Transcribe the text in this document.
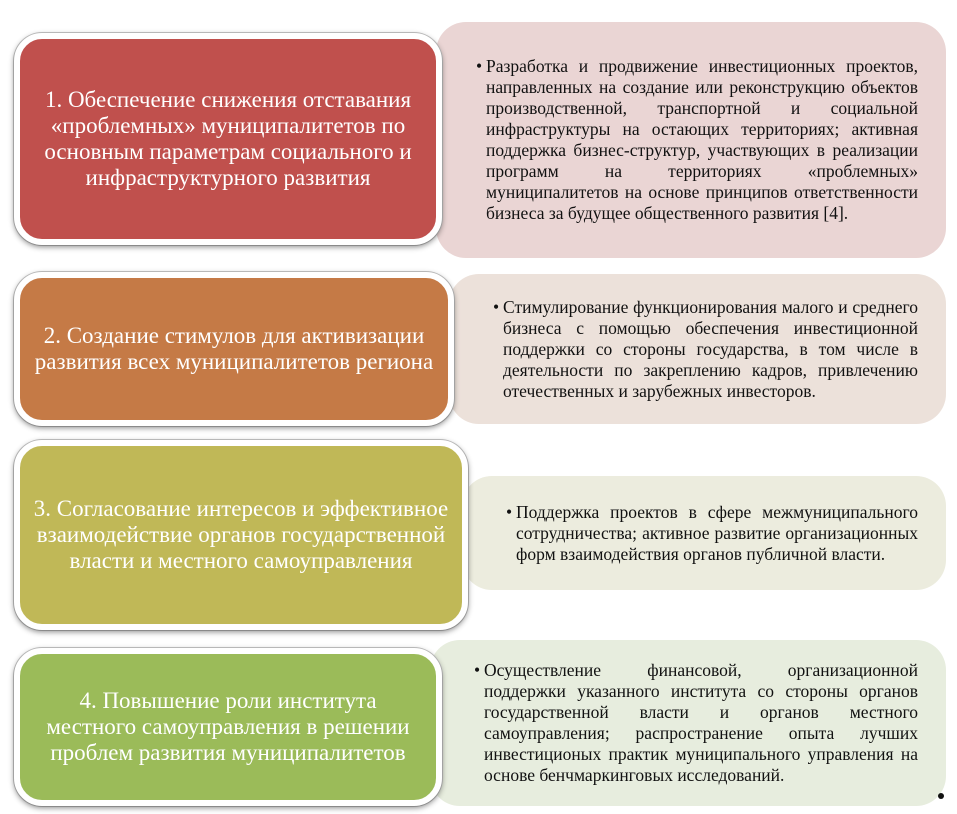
• Разработка и продвижение инвестиционных проектов, направленных на создание или реконструкцию объектов производственной, транспортной и социальной инфраструктуры на остающих территориях; активная поддержка бизнес-структур, участвующих в реализации программ на территориях «проблемных» муниципалитетов на основе принципов ответственности бизнеса за будущее общественного развития [4].

1. Обеспечение снижения отставания «проблемных» муниципалитетов по основным параметрам социального и инфраструктурного развития

• Стимулирование функционирования малого и среднего бизнеса с помощью обеспечения инвестиционной поддержки со стороны государства, в том числе в деятельности по закреплению кадров, привлечению отечественных и зарубежных инвесторов.

2. Создание стимулов для активизации развития всех муниципалитетов региона

• Поддержка проектов в сфере межмуниципального сотрудничества; активное развитие организационных форм взаимодействия органов публичной власти.

3. Согласование интересов и эффективное взаимодействие органов государственной власти и местного самоуправления

• Осуществление финансовой, организационной поддержки указанного института со стороны органов государственной власти и органов местного самоуправления; распространение опыта лучших инвестиционых практик муниципального управления на основе бенчмаркинговых исследований.

4. Повышение роли института местного самоуправления в решении проблем развития муниципалитетов
